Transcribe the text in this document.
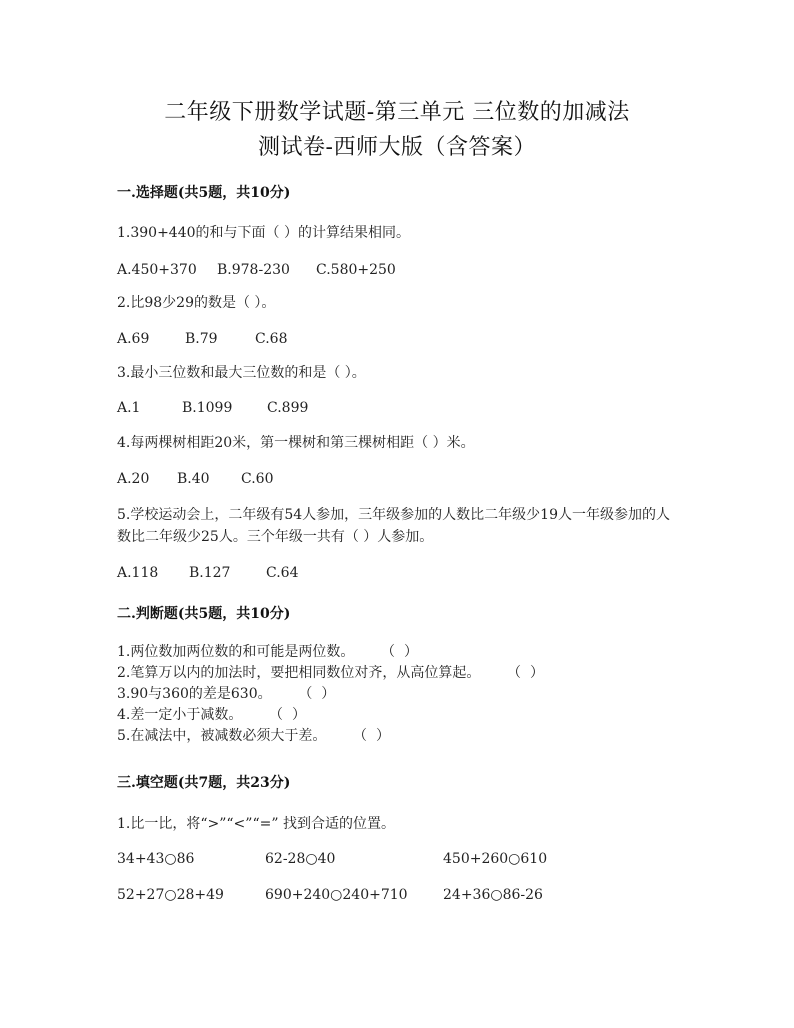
二年级下册数学试题-第三单元 三位数的加减法
测试卷-西师大版（含答案）
一.选择题(共5题，共10分)
1.390+440的和与下面（ ）的计算结果相同。
A.450+370 B.978-230 C.580+250
2.比98少29的数是（ ）。
A.69	B.79	C.68
3.最小三位数和最大三位数的和是（ ）。
A.1	B.1099 C.899
4.每两棵树相距20米，第一棵树和第三棵树相距（ ）米。
A.20 B.40 C.60
5.学校运动会上，二年级有54人参加，三年级参加的人数比二年级少19人一年级参加的人数比二年级少25人。三个年级一共有（ ）人参加。
A.118 B.127	C.64
二.判断题(共5题，共10分)
1.两位数加两位数的和可能是两位数。      （  ）
2.笔算万以内的加法时，要把相同数位对齐，从高位算起。      （  ）
3.90与360的差是630。      （  ）
4.差一定小于减数。      （  ）
5.在减法中，被减数必须大于差。      （  ）
三.填空题(共7题，共23分)
1.比一比，将“>”“<”“=” 找到合适的位置。
34+43○86	62-28○40	450+260○610
52+27○28+49	690+240○240+710	24+36○86-26
